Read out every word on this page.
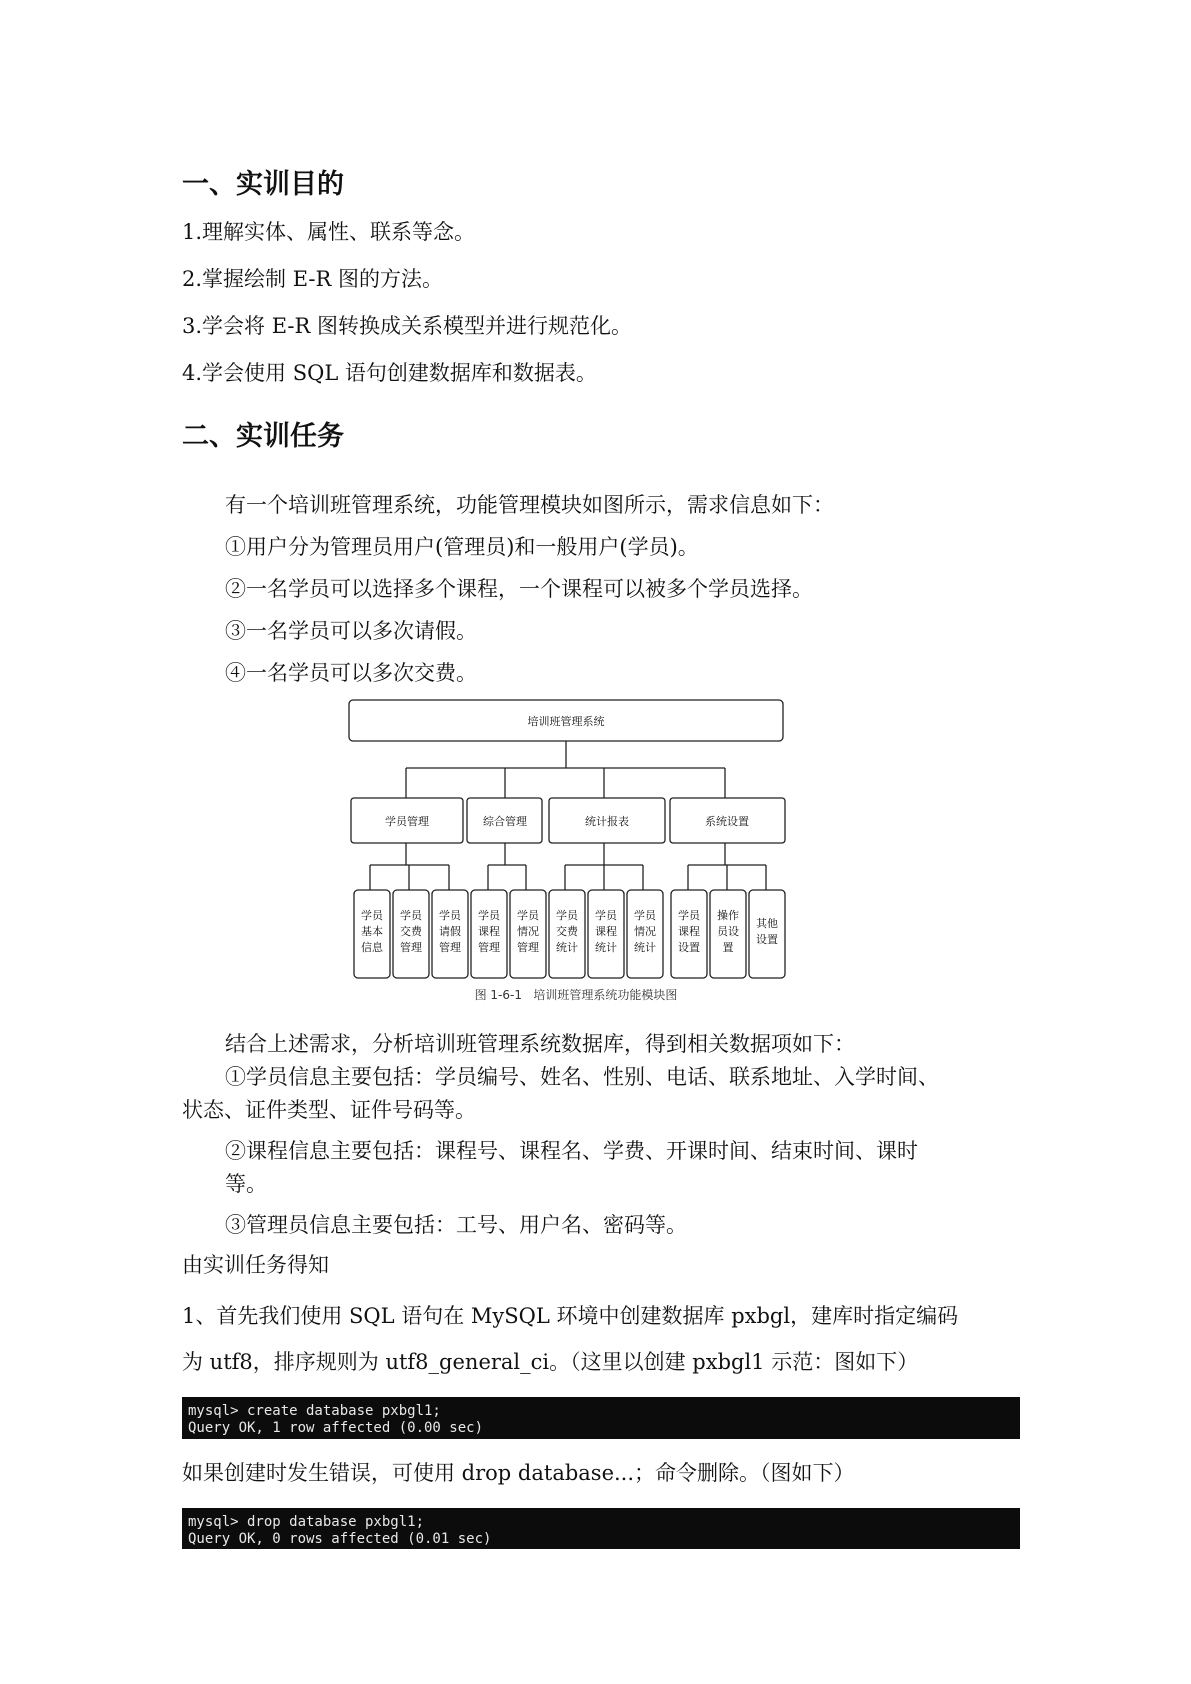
一、实训目的
1.理解实体、属性、联系等念。
2.掌握绘制 E-R 图的方法。
3.学会将 E-R 图转换成关系模型并进行规范化。
4.学会使用 SQL 语句创建数据库和数据表。
二、实训任务
有一个培训班管理系统，功能管理模块如图所示，需求信息如下：
①用户分为管理员用户(管理员)和一般用户(学员)。
②一名学员可以选择多个课程，一个课程可以被多个学员选择。
③一名学员可以多次请假。
④一名学员可以多次交费。
培训班管理系统
学员管理	综合管理	统计报表	系统设置
学员
基本
信息
学员
交费
管理
学员
请假
管理
学员
课程
管理
学员
情况
管理
学员
交费
统计
学员
课程
统计
学员
情况
统计
学员
课程
设置
操作
员设
置
其他
设置
图 1-6-1   培训班管理系统功能模块图
结合上述需求，分析培训班管理系统数据库，得到相关数据项如下：
①学员信息主要包括：学员编号、姓名、性别、电话、联系地址、入学时间、
状态、证件类型、证件号码等。
②课程信息主要包括：课程号、课程名、学费、开课时间、结束时间、课时
等。
③管理员信息主要包括：工号、用户名、密码等。
由实训任务得知
1、首先我们使用 SQL 语句在 MySQL 环境中创建数据库 pxbgl，建库时指定编码
为 utf8，排序规则为 utf8_general_ci。（这里以创建 pxbgl1 示范：图如下）
mysql> create database pxbgl1;
Query OK, 1 row affected (0.00 sec)
如果创建时发生错误，可使用 drop database...；命令删除。（图如下）
mysql> drop database pxbgl1;
Query OK, 0 rows affected (0.01 sec)
